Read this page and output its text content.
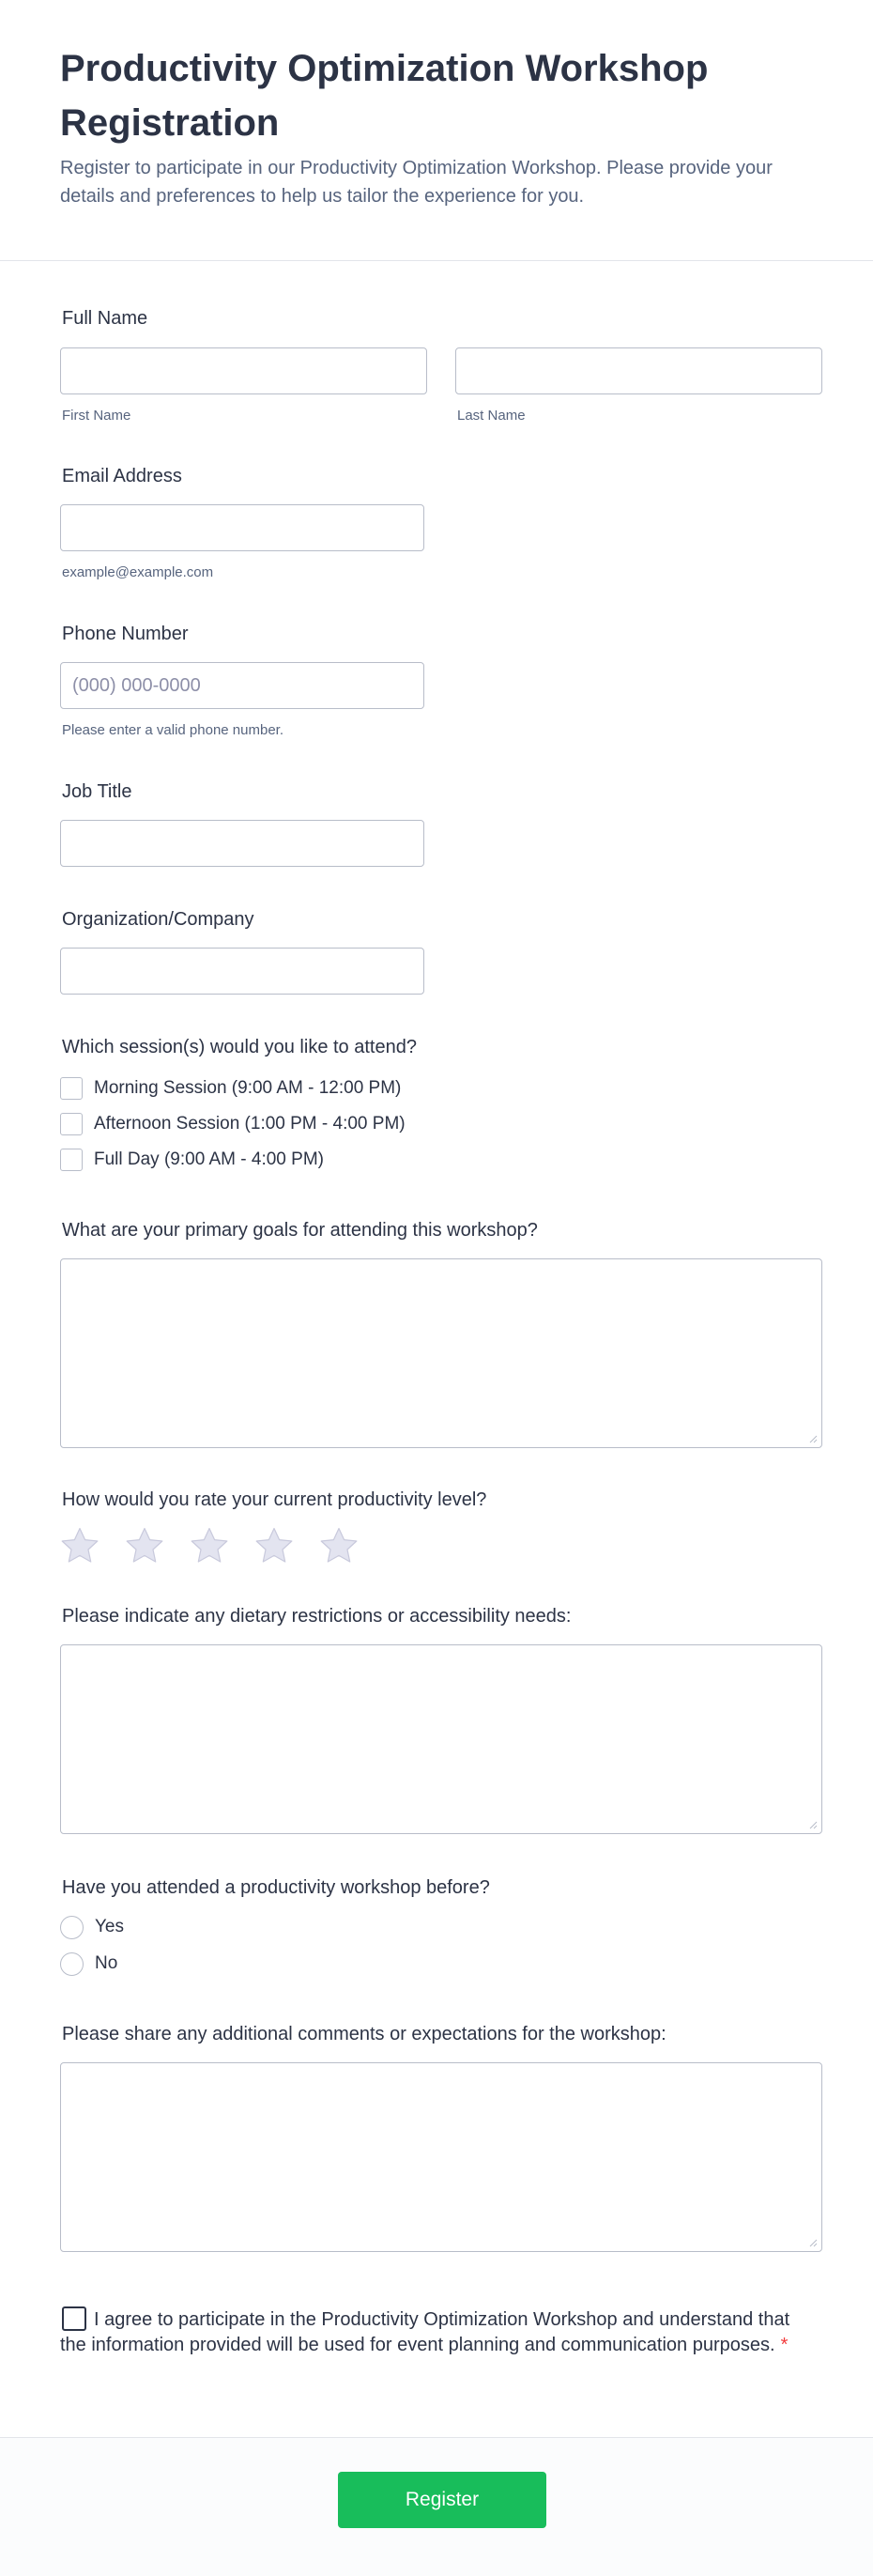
Productivity Optimization Workshop Registration

Register to participate in our Productivity Optimization Workshop. Please provide your details and preferences to help us tailor the experience for you.

Full Name
First Name	Last Name
Email Address
example@example.com
Phone Number
(000) 000-0000
Please enter a valid phone number.
Job Title
Organization/Company
Which session(s) would you like to attend?
Morning Session (9:00 AM - 12:00 PM)
Afternoon Session (1:00 PM - 4:00 PM)
Full Day (9:00 AM - 4:00 PM)
What are your primary goals for attending this workshop?
How would you rate your current productivity level?
Please indicate any dietary restrictions or accessibility needs:
Have you attended a productivity workshop before?
Yes
No
Please share any additional comments or expectations for the workshop:
I agree to participate in the Productivity Optimization Workshop and understand that the information provided will be used for event planning and communication purposes. *
Register
